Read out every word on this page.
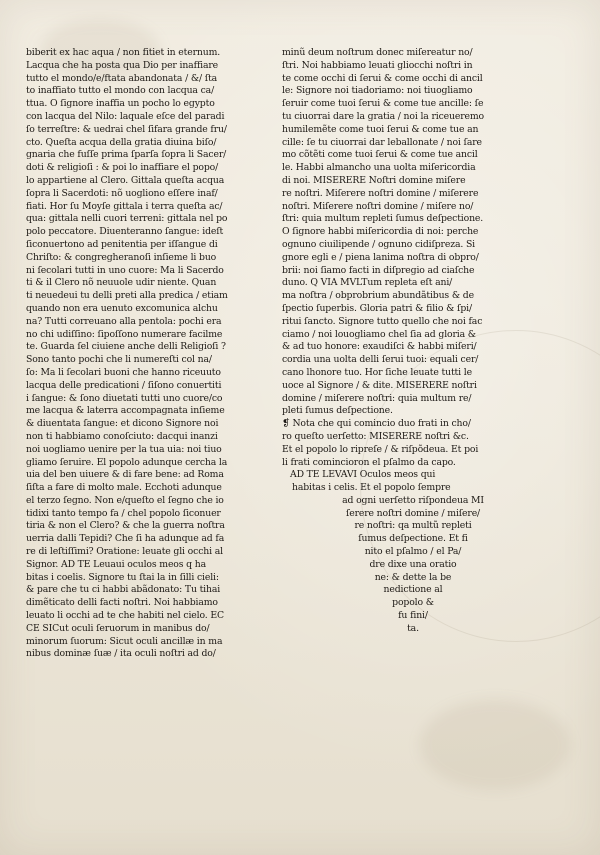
biberit ex hac aqua / non fitiet in eternum.
Lacqua che ha posta qua Dio per inaffiare
tutto el mondo/e/ftata abandonata / &/ ſta
to inaffiato tutto el mondo con lacqua ca/
ttua. O ſignore inaffia un pocho lo egypto
con lacqua del Nilo: laquale eſce del paradi
ſo terreſtre: & uedrai chel ſifara grande fru/
cto. Queſta acqua della gratia diuina biſo/
gnaria che fuſſe prima ſparſa ſopra li Sacer/
doti & religioſi : & poi lo inaffiare el popo/
lo appartiene al Clero. Gittala queſta acqua
ſopra li Sacerdoti: nõ uogliono eſſere inaf/
fiati. Hor ſu Moyſe gittala i terra queſta ac/
qua: gittala nelli cuori terreni: gittala nel po
polo peccatore. Diuenteranno ſangue: ideſt
ſiconuertono ad penitentia per iſſangue di
Chriſto: & congregheranoſi inſieme li buo
ni ſecolari tutti in uno cuore: Ma li Sacerdo
ti & il Clero nõ neuuole udir niente. Quan
ti neuedeui tu delli preti alla predica / etiam
quando non era uenuto excomunica alchu
na? Tutti correuano alla pentola: pochi era
no chi udiſſino: ſipoſſono numerare facilme
te. Guarda ſel ciuiene anche delli Religioſi ?
Sono tanto pochi che li numereſti col na/
ſo: Ma li ſecolari buoni che hanno riceuuto
lacqua delle predicationi / ſiſono conuertiti
i ſangue: & ſono diuetati tutti uno cuore/co
me lacqua & laterra accompagnata inſieme
& diuentata ſangue: et dicono Signore noi
non ti habbiamo conoſciuto: dacqui inanzi
noi uogliamo uenire per la tua uia: noi tiuo
gliamo ſeruire. El popolo adunque cercha la
uia del ben uiuere & di fare bene: ad Roma
ſiſta a fare di molto male. Ecchoti adunque
el terzo ſegno. Non e/queſto el ſegno che io
tidixi tanto tempo fa / chel popolo ſiconuer
tiria & non el Clero? & che la guerra noſtra
uerria dalli Tepidi? Che ſi ha adunque ad fa
re di leſtiſſimi? Oratione: leuate gli occhi al
Signor. AD TE Leuaui oculos meos q ha
bitas i coelis. Signore tu ſtai la in ſilli cieli:
& pare che tu ci habbi abãdonato: Tu tihai
dimẽticato delli facti noſtri. Noi habbiamo
leuato li occhi ad te che habiti nel cielo. EC
CE SICut oculi ſeruorum in manibus do/
minorum ſuorum: Sicut oculi ancillæ in ma
nibus dominæ ſuæ / ita oculi noſtri ad do/
minũ deum noſtrum donec miſereatur no/
ſtri. Noi habbiamo leuati gliocchi noſtri in
te come occhi di ſerui & come occhi di ancil
le: Signore noi tiadoriamo: noi tiuogliamo
ſeruir come tuoi ſerui & come tue ancille: ſe
tu ciuorrai dare la gratia / noi la riceueremo
humilemẽte come tuoi ſerui & come tue an
cille: ſe tu ciuorrai dar leballonate / noi ſare
mo cõtẽti come tuoi ſerui & come tue ancil
le. Habbi almancho una uolta miſericordia
di noi. MISERERE Noſtri domine miſere
re noſtri. Miſerere noſtri domine / miſerere
noſtri. Miſerere noſtri domine / miſere no/
ſtri: quia multum repleti ſumus deſpectione.
O ſignore habbi miſericordia di noi: perche
ognuno ciuilipende / ognuno cidiſpreza. Si
gnore egli e / piena lanima noſtra di obpro/
brii: noi ſiamo facti in diſpregio ad ciaſche
duno. Q VIA MVLTum repleta eſt ani/
ma noſtra / obprobrium abundãtibus & de
ſpectio ſuperbis. Gloria patri & filio & ſpi/
ritui ſancto. Signore tutto quello che noi fac
ciamo / noi louogliamo chel ſia ad gloria &
& ad tuo honore: exaudiſci & habbi miſeri/
cordia una uolta delli ſerui tuoi: equali cer/
cano lhonore tuo. Hor ſiche leuate tutti le
uoce al Signore / & dite. MISERERE noſtri
domine / miſerere noſtri: quia multum re/
pleti ſumus deſpectione.
❡ Nota che qui comincio duo frati in cho/
ro queſto uerſetto: MISERERE noſtri &c.
Et el popolo lo ripreſe / & riſpõdeua. Et poi
li frati comincioron el pſalmo da capo.
AD TE LEVAVI Oculos meos qui
habitas i celis. Et el popolo ſempre
ad ogni uerſetto riſpondeua MI
ſerere noſtri domine / miſere/
re noſtri: qa multũ repleti
ſumus deſpectione. Et fi
nito el pſalmo / el Pa/
dre dixe una oratio
ne: & dette la be
nedictione al
popolo &
fu fini/
ta.
